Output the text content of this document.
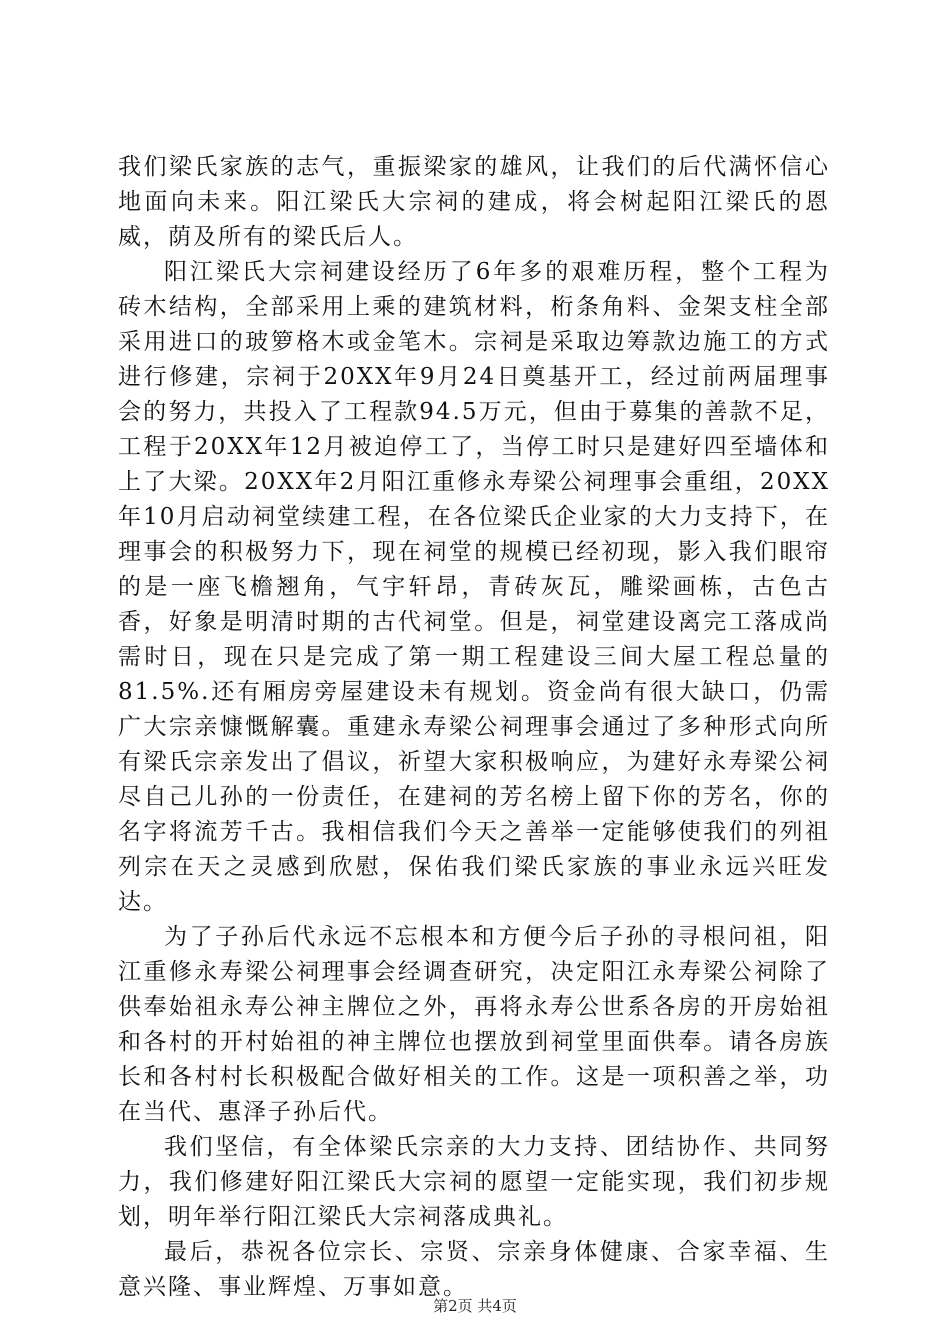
我们梁氏家族的志气，重振梁家的雄风，让我们的后代满怀信心地面向未来。阳江梁氏大宗祠的建成，将会树起阳江梁氏的恩威，荫及所有的梁氏后人。

阳江梁氏大宗祠建设经历了6年多的艰难历程，整个工程为砖木结构，全部采用上乘的建筑材料，桁条角料、金架支柱全部采用进口的玻箩格木或金笔木。宗祠是采取边筹款边施工的方式进行修建，宗祠于20XX年9月24日奠基开工，经过前两届理事会的努力，共投入了工程款94.5万元，但由于募集的善款不足，工程于20XX年12月被迫停工了，当停工时只是建好四至墙体和上了大梁。20XX年2月阳江重修永寿梁公祠理事会重组，20XX年10月启动祠堂续建工程，在各位梁氏企业家的大力支持下，在理事会的积极努力下，现在祠堂的规模已经初现，影入我们眼帘的是一座飞檐翘角，气宇轩昂，青砖灰瓦，雕梁画栋，古色古香，好象是明清时期的古代祠堂。但是，祠堂建设离完工落成尚需时日，现在只是完成了第一期工程建设三间大屋工程总量的81.5%.还有厢房旁屋建设未有规划。资金尚有很大缺口，仍需广大宗亲慷慨解囊。重建永寿梁公祠理事会通过了多种形式向所有梁氏宗亲发出了倡议，祈望大家积极响应，为建好永寿梁公祠尽自己儿孙的一份责任，在建祠的芳名榜上留下你的芳名，你的名字将流芳千古。我相信我们今天之善举一定能够使我们的列祖列宗在天之灵感到欣慰，保佑我们梁氏家族的事业永远兴旺发达。

为了子孙后代永远不忘根本和方便今后子孙的寻根问祖，阳江重修永寿梁公祠理事会经调查研究，决定阳江永寿梁公祠除了供奉始祖永寿公神主牌位之外，再将永寿公世系各房的开房始祖和各村的开村始祖的神主牌位也摆放到祠堂里面供奉。请各房族长和各村村长积极配合做好相关的工作。这是一项积善之举，功在当代、惠泽子孙后代。

我们坚信，有全体梁氏宗亲的大力支持、团结协作、共同努力，我们修建好阳江梁氏大宗祠的愿望一定能实现，我们初步规划，明年举行阳江梁氏大宗祠落成典礼。

最后，恭祝各位宗长、宗贤、宗亲身体健康、合家幸福、生意兴隆、事业辉煌、万事如意。

第2页 共4页
